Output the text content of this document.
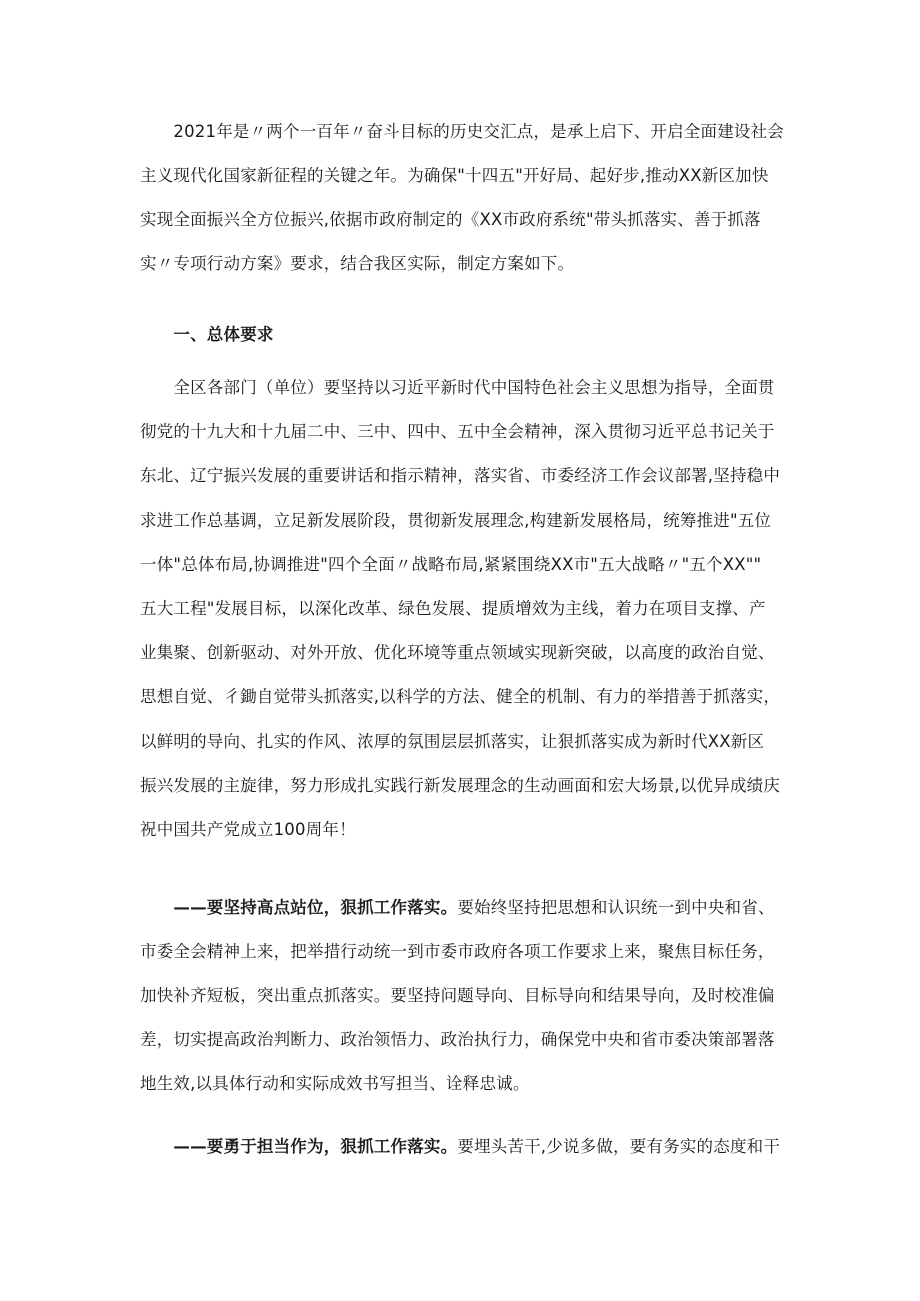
　　2021年是〃两个一百年〃奋斗目标的历史交汇点，是承上启下、开启全面建设社会
主义现代化国家新征程的关键之年。为确保"十四五"开好局、起好步,推动XX新区加快
实现全面振兴全方位振兴,依据市政府制定的《XX市政府系统"带头抓落实、善于抓落
实〃专项行动方案》要求，结合我区实际，制定方案如下。
　　一、总体要求
　　全区各部门（单位）要坚持以习近平新时代中国特色社会主义思想为指导，全面贯
彻党的十九大和十九届二中、三中、四中、五中全会精神，深入贯彻习近平总书记关于
东北、辽宁振兴发展的重要讲话和指示精神，落实省、市委经济工作会议部署,坚持稳中
求进工作总基调，立足新发展阶段，贯彻新发展理念,构建新发展格局，统筹推进"五位
一体"总体布局,协调推进"四个全面〃战略布局,紧紧围绕XX市"五大战略〃"五个XX""
五大工程"发展目标，以深化改革、绿色发展、提质增效为主线，着力在项目支撑、产
业集聚、创新驱动、对外开放、优化环境等重点领域实现新突破，以高度的政治自觉、
思想自觉、彳鋤自觉带头抓落实,以科学的方法、健全的机制、有力的举措善于抓落实，
以鲜明的导向、扎实的作风、浓厚的氛围层层抓落实，让狠抓落实成为新时代XX新区
振兴发展的主旋律，努力形成扎实践行新发展理念的生动画面和宏大场景,以优异成绩庆
祝中国共产党成立100周年！
　　——要坚持高点站位，狠抓工作落实。要始终坚持把思想和认识统一到中央和省、
市委全会精神上来，把举措行动统一到市委市政府各项工作要求上来，聚焦目标任务，
加快补齐短板，突出重点抓落实。要坚持问题导向、目标导向和结果导向，及时校准偏
差，切实提高政治判断力、政治领悟力、政治执行力，确保党中央和省市委决策部署落
地生效,以具体行动和实际成效书写担当、诠释忠诚。
　　——要勇于担当作为，狠抓工作落实。要埋头苦干,少说多做，要有务实的态度和干
